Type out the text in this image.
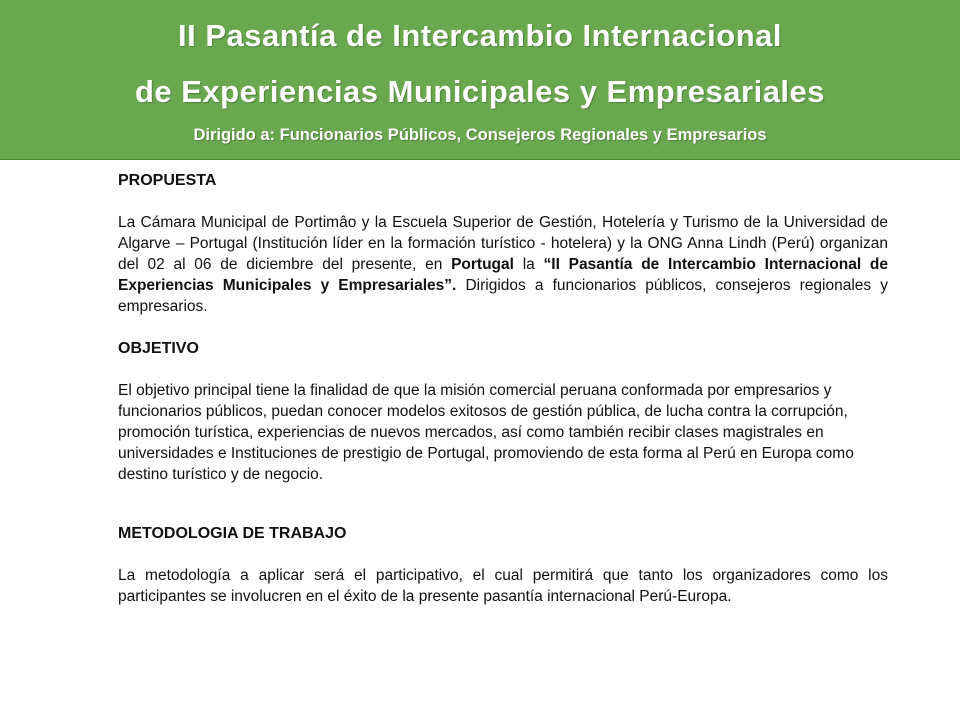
II Pasantía de Intercambio Internacional
de Experiencias Municipales y Empresariales
Dirigido a: Funcionarios Públicos, Consejeros Regionales y Empresarios

PROPUESTA

La Cámara Municipal de Portimâo y la Escuela Superior de Gestión, Hotelería y Turismo de la Universidad de Algarve – Portugal (Institución líder en la formación turístico - hotelera) y la ONG Anna Lindh (Perú) organizan del 02 al 06 de diciembre del presente, en Portugal la “II Pasantía de Intercambio Internacional de Experiencias Municipales y Empresariales”. Dirigidos a funcionarios públicos, consejeros regionales y empresarios.

OBJETIVO

El objetivo principal tiene la finalidad de que la misión comercial peruana conformada por empresarios y funcionarios públicos, puedan conocer modelos exitosos de gestión pública, de lucha contra la corrupción, promoción turística, experiencias de nuevos mercados, así como también recibir clases magistrales en universidades e Instituciones de prestigio de Portugal, promoviendo de esta forma al Perú en Europa como destino turístico y de negocio.

METODOLOGIA DE TRABAJO

La metodología a aplicar será el participativo, el cual permitirá que tanto los organizadores como los participantes se involucren en el éxito de la presente pasantía internacional Perú-Europa.
